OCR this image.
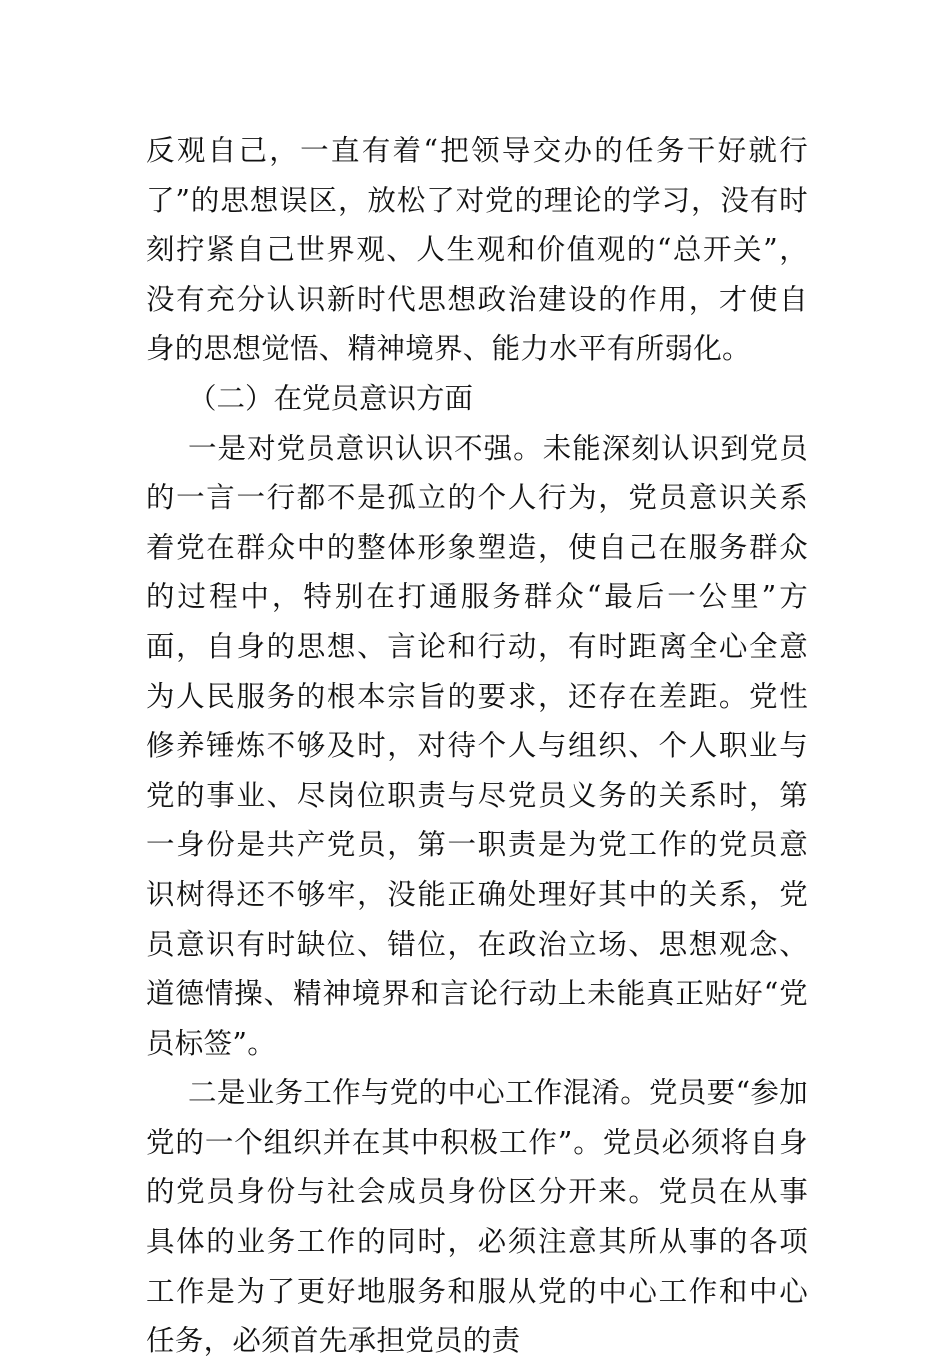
反观自己，一直有着“把领导交办的任务干好就行了”的思想误区，放松了对党的理论的学习，没有时刻拧紧自己世界观、人生观和价值观的“总开关”，没有充分认识新时代思想政治建设的作用，才使自身的思想觉悟、精神境界、能力水平有所弱化。

（二）在党员意识方面

一是对党员意识认识不强。未能深刻认识到党员的一言一行都不是孤立的个人行为，党员意识关系着党在群众中的整体形象塑造，使自己在服务群众的过程中，特别在打通服务群众“最后一公里”方面，自身的思想、言论和行动，有时距离全心全意为人民服务的根本宗旨的要求，还存在差距。党性修养锤炼不够及时，对待个人与组织、个人职业与党的事业、尽岗位职责与尽党员义务的关系时，第一身份是共产党员，第一职责是为党工作的党员意识树得还不够牢，没能正确处理好其中的关系，党员意识有时缺位、错位，在政治立场、思想观念、道德情操、精神境界和言论行动上未能真正贴好“党员标签”。

二是业务工作与党的中心工作混淆。党员要“参加党的一个组织并在其中积极工作”。党员必须将自身的党员身份与社会成员身份区分开来。党员在从事具体的业务工作的同时，必须注意其所从事的各项工作是为了更好地服务和服从党的中心工作和中心任务，必须首先承担党员的责
